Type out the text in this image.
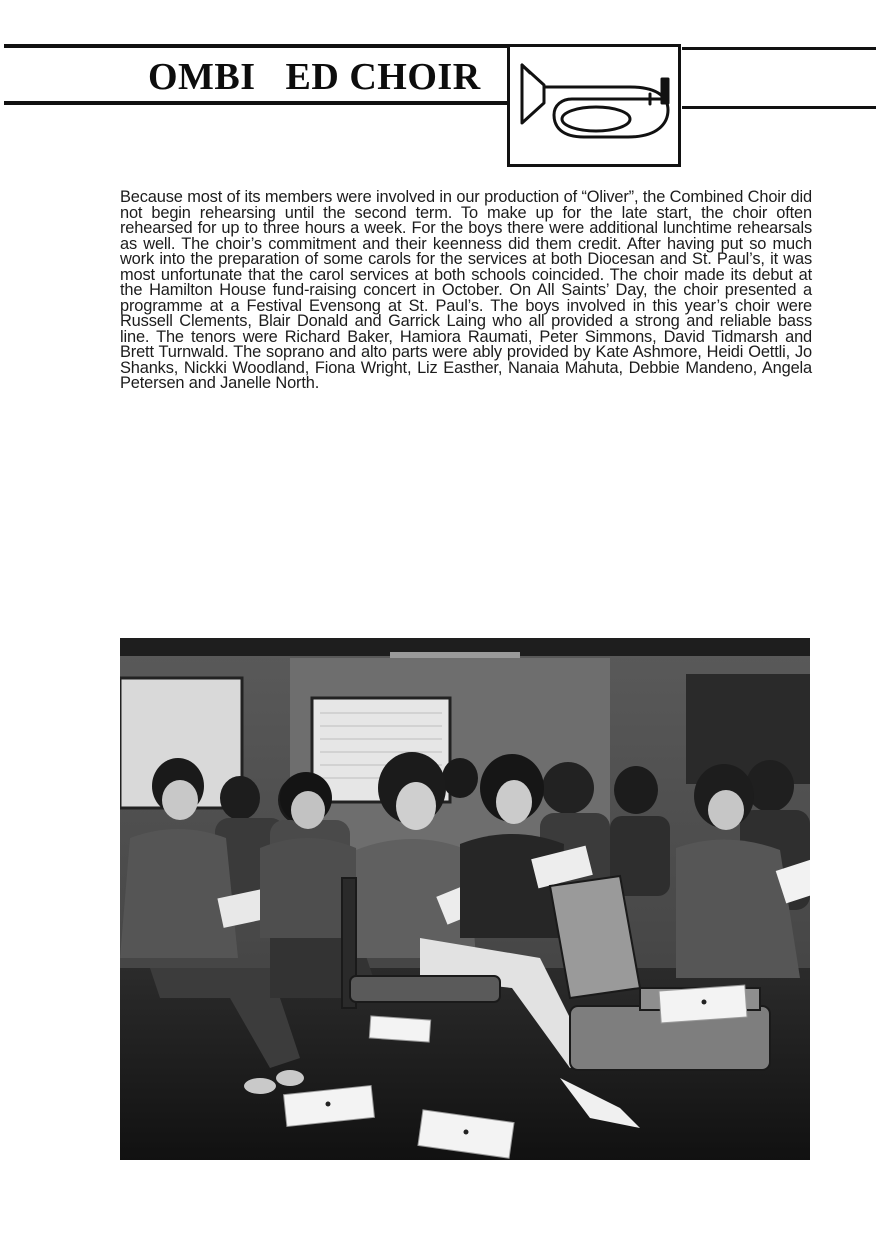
OMBI   ED CHOIR
Because most of its members were involved in our production of “Oliver”, the Combined Choir did not begin rehearsing until the second term. To make up for the late start, the choir often rehearsed for up to three hours a week. For the boys there were additional lunchtime rehearsals as well. The choir’s commitment and their keenness did them credit. After having put so much work into the preparation of some carols for the services at both Diocesan and St. Paul’s, it was most unfortunate that the carol services at both schools coincided. The choir made its debut at the Hamilton House fund-raising concert in October. On All Saints’ Day, the choir presented a programme at a Festival Evensong at St. Paul’s. The boys involved in this year’s choir were Russell Clements, Blair Donald and Garrick Laing who all provided a strong and reliable bass line. The tenors were Richard Baker, Hamiora Raumati, Peter Simmons, David Tidmarsh and Brett Turnwald. The soprano and alto parts were ably provided by Kate Ashmore, Heidi Oettli, Jo Shanks, Nickki Woodland, Fiona Wright, Liz Easther, Nanaia Mahuta, Debbie Mandeno, Angela Petersen and Janelle North.
